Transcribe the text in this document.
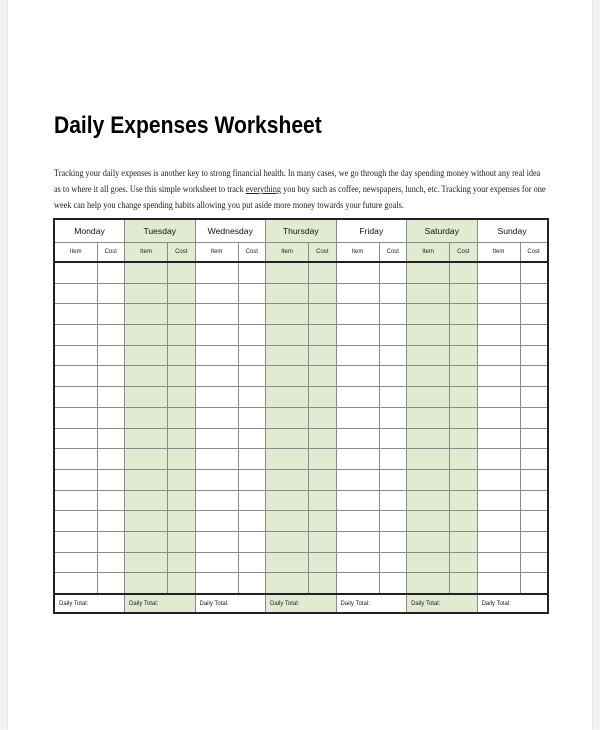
Daily Expenses Worksheet

Tracking your daily expenses is another key to strong financial health. In many cases, we go through the day spending money without any real idea as to where it all goes. Use this simple worksheet to track everything you buy such as coffee, newspapers, lunch, etc. Tracking your expenses for one week can help you change spending habits allowing you put aside more money towards your future goals.

Monday		Tuesday		Wednesday		Thursday		Friday		Saturday		Sunday	
Item	Cost	Item	Cost	Item	Cost	Item	Cost	Item	Cost	Item	Cost	Item	Cost

Daily Total:		Daily Total:		Daily Total:		Daily Total:		Daily Total:		Daily Total:		Daily Total:	
